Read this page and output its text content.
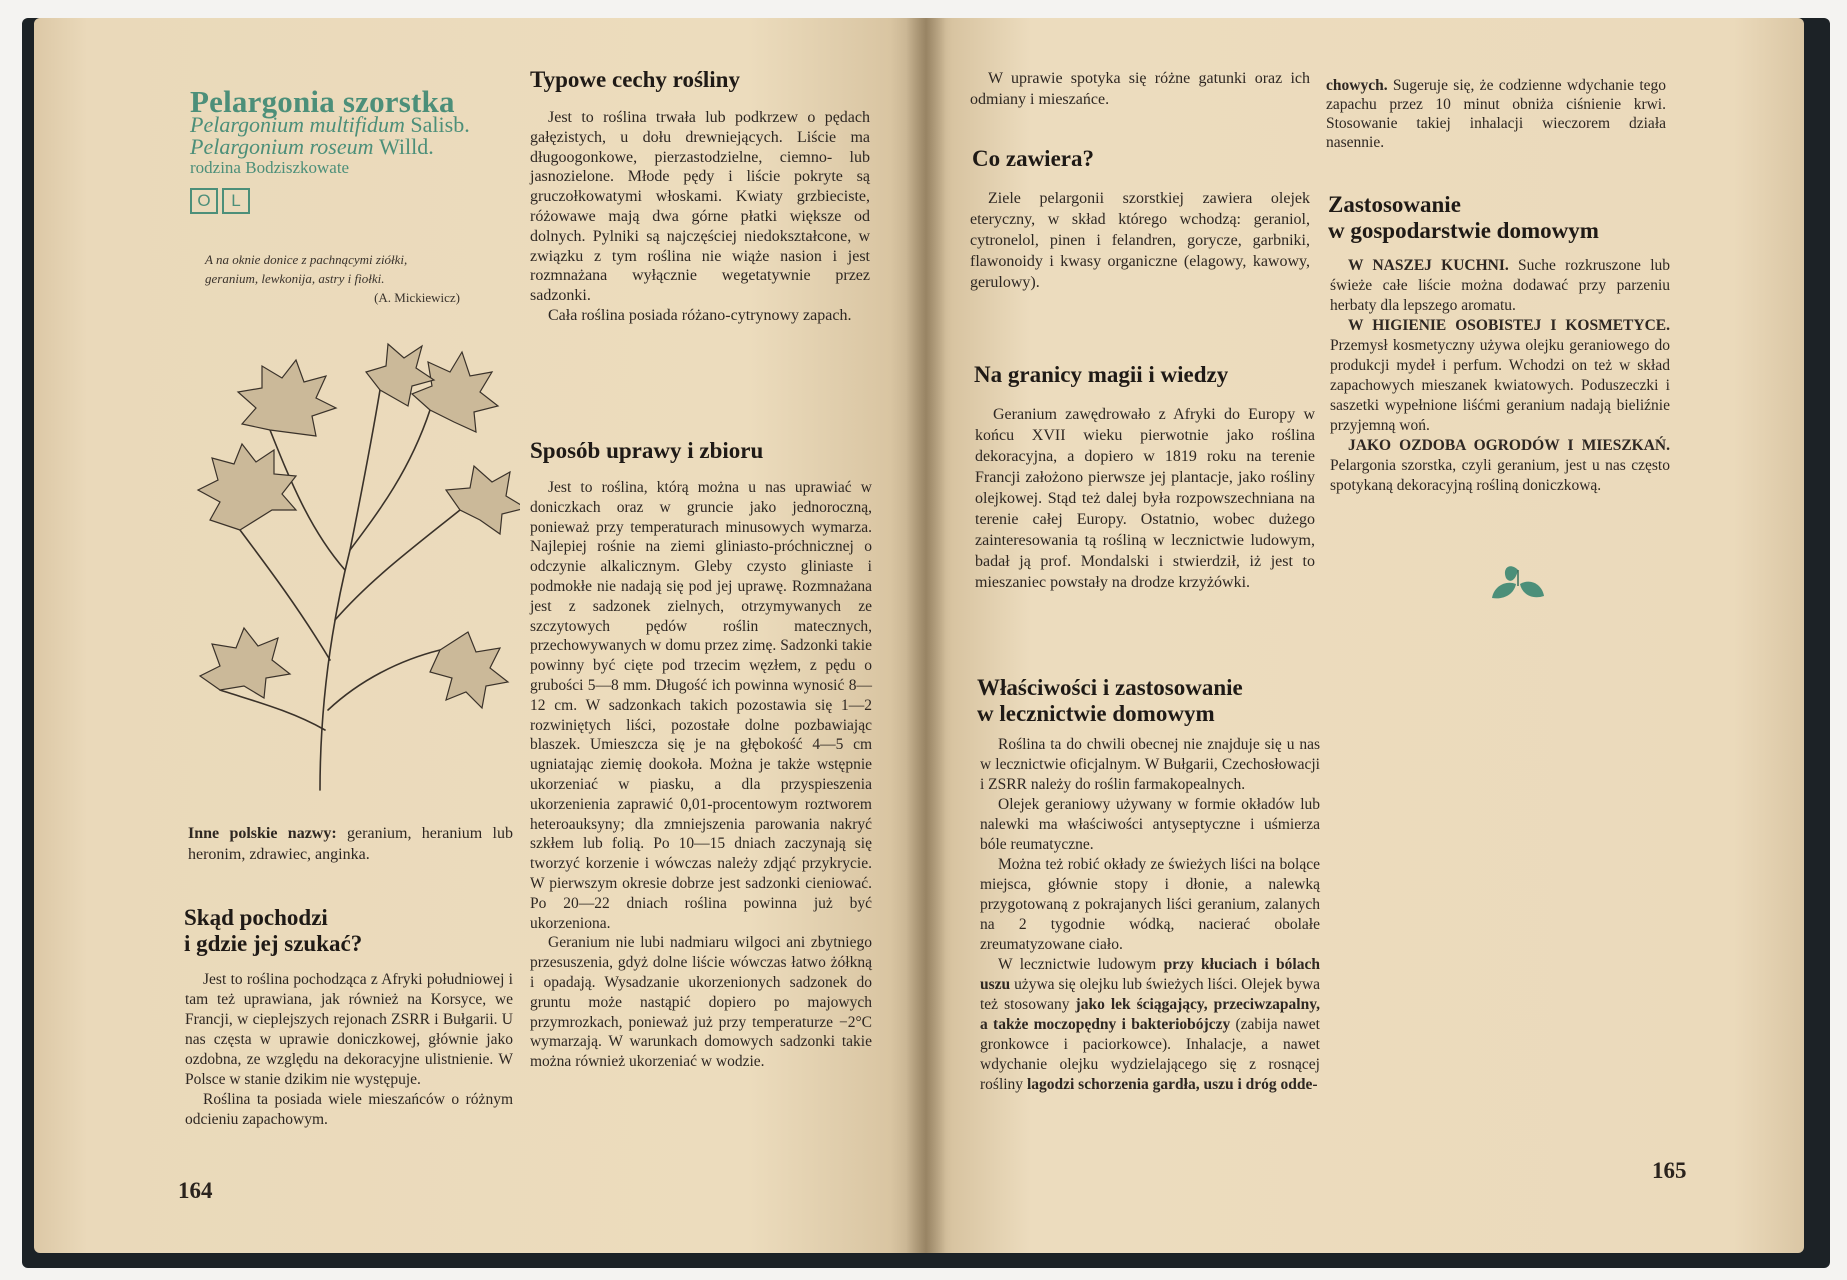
Pelargonia szorstka
Pelargonium multifidum Salisb.
Pelargonium roseum Willd.
rodzina Bodziszkowate
O	L
A na oknie donice z pachnącymi ziółki,
geranium, lewkonija, astry i fiołki.
(A. Mickiewicz)
Inne polskie nazwy: geranium, heranium lub heronim, zdrawiec, anginka.
Skąd pochodzi
i gdzie jej szukać?

Jest to roślina pochodząca z Afryki południowej i tam też uprawiana, jak również na Korsyce, we Francji, w cieplejszych rejonach ZSRR i Bułgarii. U nas częsta w uprawie doniczkowej, głównie jako ozdobna, ze względu na dekoracyjne ulistnienie. W Polsce w stanie dzikim nie występuje.

Roślina ta posiada wiele mieszańców o różnym odcieniu zapachowym.

Typowe cechy rośliny

Jest to roślina trwała lub podkrzew o pędach gałęzistych, u dołu drewniejących. Liście ma długoogonkowe, pierzastodzielne, ciemno- lub jasnozielone. Młode pędy i liście pokryte są gruczołkowatymi włoskami. Kwiaty grzbieciste, różowawe mają dwa górne płatki większe od dolnych. Pylniki są najczęściej niedokształcone, w związku z tym roślina nie wiąże nasion i jest rozmnażana wyłącznie wegetatywnie przez sadzonki.

Cała roślina posiada różano-cytrynowy zapach.

Sposób uprawy i zbioru

Jest to roślina, którą można u nas uprawiać w doniczkach oraz w gruncie jako jednoroczną, ponieważ przy temperaturach minusowych wymarza. Najlepiej rośnie na ziemi gliniasto-próchnicznej o odczynie alkalicznym. Gleby czysto gliniaste i podmokłe nie nadają się pod jej uprawę. Rozmnażana jest z sadzonek zielnych, otrzymywanych ze szczytowych pędów roślin matecznych, przechowywanych w domu przez zimę. Sadzonki takie powinny być cięte pod trzecim węzłem, z pędu o grubości 5—8 mm. Długość ich powinna wynosić 8—12 cm. W sadzonkach takich pozostawia się 1—2 rozwiniętych liści, pozostałe dolne pozbawiając blaszek. Umieszcza się je na głębokość 4—5 cm ugniatając ziemię dookoła. Można je także wstępnie ukorzeniać w piasku, a dla przyspieszenia ukorzenienia zaprawić 0,01-procentowym roztworem heteroauksyny; dla zmniejszenia parowania nakryć szkłem lub folią. Po 10—15 dniach zaczynają się tworzyć korzenie i wówczas należy zdjąć przykrycie. W pierwszym okresie dobrze jest sadzonki cieniować. Po 20—22 dniach roślina powinna już być ukorzeniona.

Geranium nie lubi nadmiaru wilgoci ani zbytniego przesuszenia, gdyż dolne liście wówczas łatwo żółkną i opadają. Wysadzanie ukorzenionych sadzonek do gruntu może nastąpić dopiero po majowych przymrozkach, ponieważ już przy temperaturze −2°C wymarzają. W warunkach domowych sadzonki takie można również ukorzeniać w wodzie.

164

W uprawie spotyka się różne gatunki oraz ich odmiany i mieszańce.

Co zawiera?

Ziele pelargonii szorstkiej zawiera olejek eteryczny, w skład którego wchodzą: geraniol, cytronelol, pinen i felandren, gorycze, garbniki, flawonoidy i kwasy organiczne (elagowy, kawowy, gerulowy).

Na granicy magii i wiedzy

Geranium zawędrowało z Afryki do Europy w końcu XVII wieku pierwotnie jako roślina dekoracyjna, a dopiero w 1819 roku na terenie Francji założono pierwsze jej plantacje, jako rośliny olejkowej. Stąd też dalej była rozpowszechniana na terenie całej Europy. Ostatnio, wobec dużego zainteresowania tą rośliną w lecznictwie ludowym, badał ją prof. Mondalski i stwierdził, iż jest to mieszaniec powstały na drodze krzyżówki.

Właściwości i zastosowanie
w lecznictwie domowym

Roślina ta do chwili obecnej nie znajduje się u nas w lecznictwie oficjalnym. W Bułgarii, Czechosłowacji i ZSRR należy do roślin farmakopealnych.

Olejek geraniowy używany w formie okładów lub nalewki ma właściwości antyseptyczne i uśmierza bóle reumatyczne.

Można też robić okłady ze świeżych liści na bolące miejsca, głównie stopy i dłonie, a nalewką przygotowaną z pokrajanych liści geranium, zalanych na 2 tygodnie wódką, nacierać obolałe zreumatyzowane ciało.

W lecznictwie ludowym przy kłuciach i bólach uszu używa się olejku lub świeżych liści. Olejek bywa też stosowany jako lek ściągający, przeciwzapalny, a także moczopędny i bakteriobójczy (zabija nawet gronkowce i paciorkowce). Inhalacje, a nawet wdychanie olejku wydzielającego się z rosnącej rośliny lagodzi schorzenia gardła, uszu i dróg odde-

chowych. Sugeruje się, że codzienne wdychanie tego zapachu przez 10 minut obniża ciśnienie krwi. Stosowanie takiej inhalacji wieczorem działa nasennie.
Zastosowanie
w gospodarstwie domowym

W NASZEJ KUCHNI. Suche rozkruszone lub świeże całe liście można dodawać przy parzeniu herbaty dla lepszego aromatu.

W HIGIENIE OSOBISTEJ I KOSMETYCE. Przemysł kosmetyczny używa olejku geraniowego do produkcji mydeł i perfum. Wchodzi on też w skład zapachowych mieszanek kwiatowych. Poduszeczki i saszetki wypełnione liśćmi geranium nadają bieliźnie przyjemną woń.

JAKO OZDOBA OGRODÓW I MIESZKAŃ. Pelargonia szorstka, czyli geranium, jest u nas często spotykaną dekoracyjną rośliną doniczkową.

165
